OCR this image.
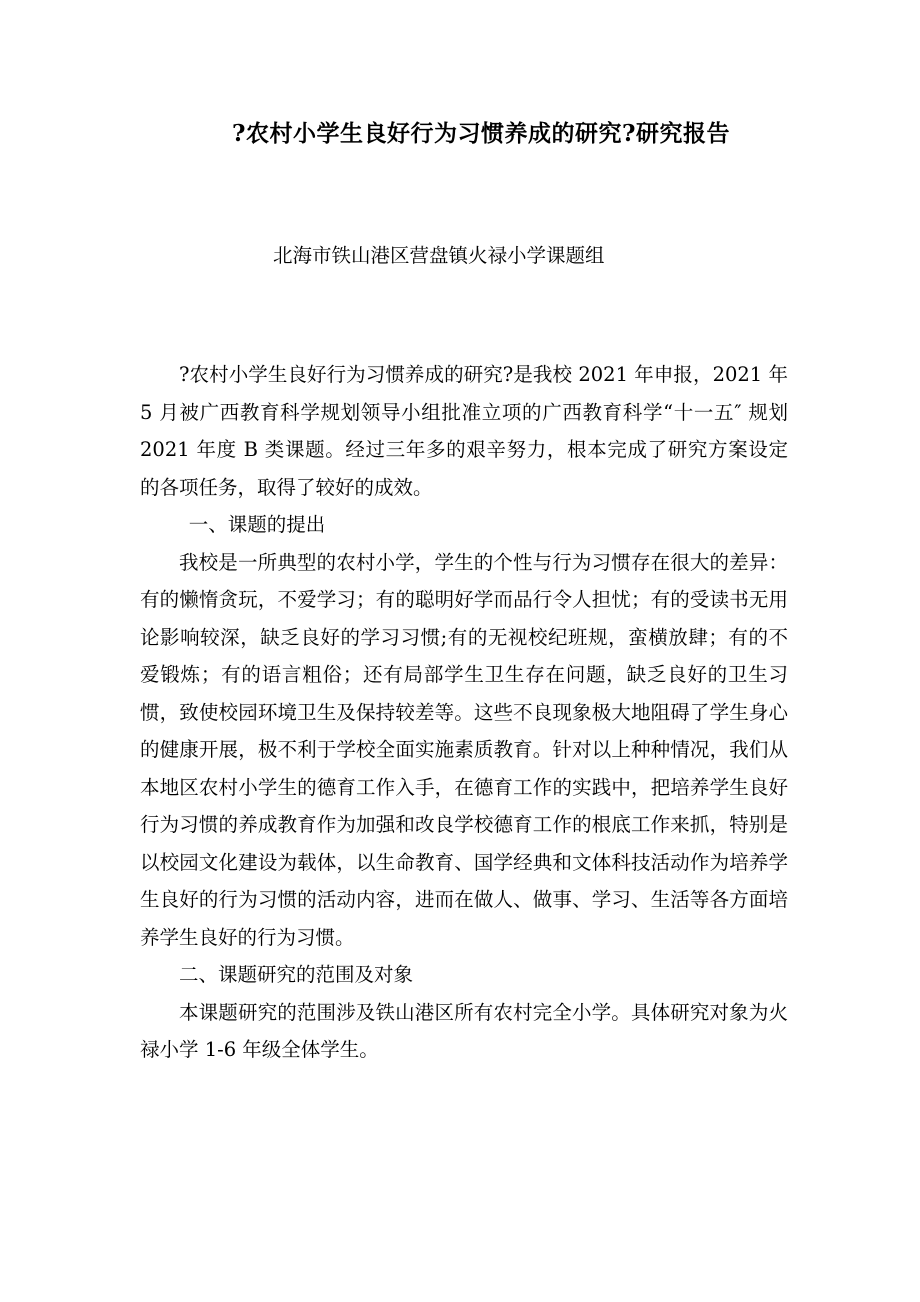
?农村小学生良好行为习惯养成的研究?研究报告
北海市铁山港区营盘镇火禄小学课题组

?农村小学生良好行为习惯养成的研究?是我校 2021 年申报，2021 年 5 月被广西教育科学规划领导小组批准立项的广西教育科学“十一五″ 规划 2021 年度 B 类课题。经过三年多的艰辛努力，根本完成了研究方案设定的各项任务，取得了较好的成效。

一、课题的提出

我校是一所典型的农村小学，学生的个性与行为习惯存在很大的差异：有的懒惰贪玩，不爱学习；有的聪明好学而品行令人担忧；有的受读书无用论影响较深，缺乏良好的学习习惯;有的无视校纪班规，蛮横放肆；有的不爱锻炼；有的语言粗俗；还有局部学生卫生存在问题，缺乏良好的卫生习惯，致使校园环境卫生及保持较差等。这些不良现象极大地阻碍了学生身心的健康开展，极不利于学校全面实施素质教育。针对以上种种情况，我们从本地区农村小学生的德育工作入手，在德育工作的实践中，把培养学生良好行为习惯的养成教育作为加强和改良学校德育工作的根底工作来抓，特别是以校园文化建设为载体，以生命教育、国学经典和文体科技活动作为培养学生良好的行为习惯的活动内容，进而在做人、做事、学习、生活等各方面培养学生良好的行为习惯。

二、课题研究的范围及对象

本课题研究的范围涉及铁山港区所有农村完全小学。具体研究对象为火禄小学 1-6 年级全体学生。
